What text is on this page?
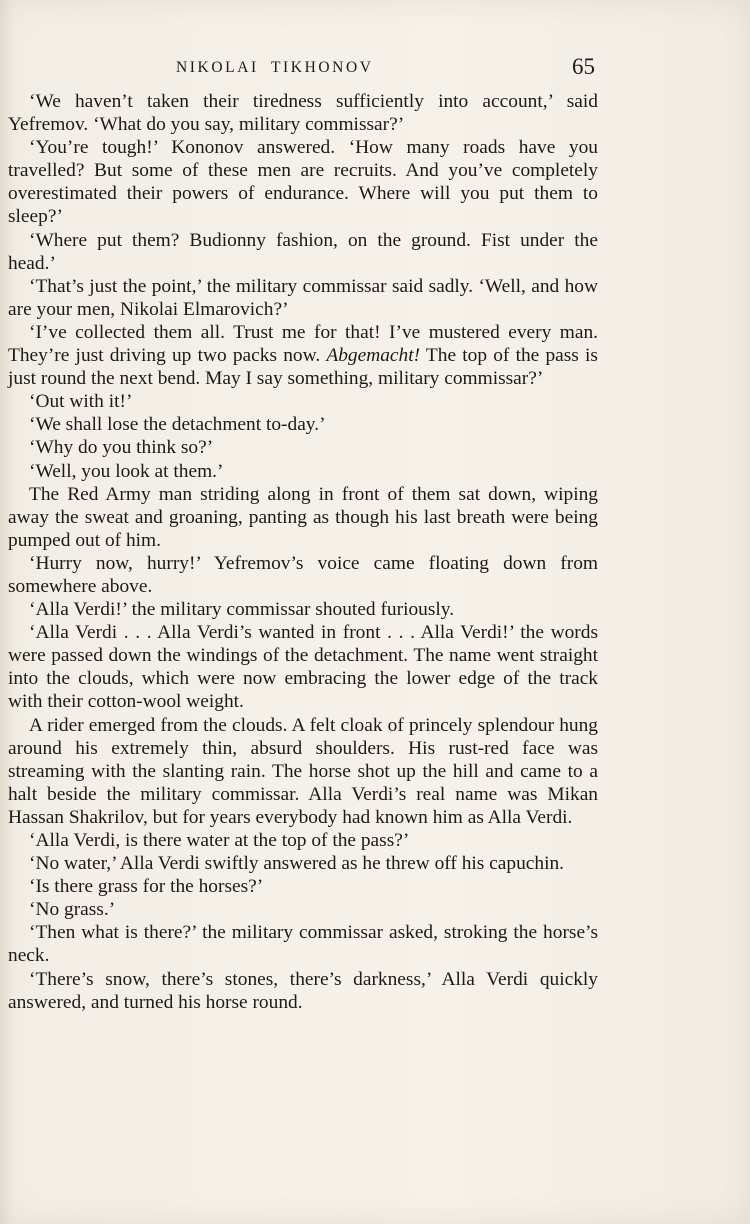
NIKOLAI TIKHONOV	65

‘We haven’t taken their tiredness sufficiently into account,’ said Yefremov. ‘What do you say, military commissar?’

‘You’re tough!’ Kononov answered. ‘How many roads have you travelled? But some of these men are recruits. And you’ve completely overestimated their powers of endurance. Where will you put them to sleep?’

‘Where put them? Budionny fashion, on the ground. Fist under the head.’

‘That’s just the point,’ the military commissar said sadly. ‘Well, and how are your men, Nikolai Elmarovich?’

‘I’ve collected them all. Trust me for that! I’ve mustered every man. They’re just driving up two packs now. Abgemacht! The top of the pass is just round the next bend. May I say something, military commissar?’

‘Out with it!’

‘We shall lose the detachment to-day.’

‘Why do you think so?’

‘Well, you look at them.’

The Red Army man striding along in front of them sat down, wiping away the sweat and groaning, panting as though his last breath were being pumped out of him.

‘Hurry now, hurry!’ Yefremov’s voice came floating down from somewhere above.

‘Alla Verdi!’ the military commissar shouted furiously.

‘Alla Verdi . . . Alla Verdi’s wanted in front . . . Alla Verdi!’ the words were passed down the windings of the detachment. The name went straight into the clouds, which were now embracing the lower edge of the track with their cotton-wool weight.

A rider emerged from the clouds. A felt cloak of princely splendour hung around his extremely thin, absurd shoulders. His rust-red face was streaming with the slanting rain. The horse shot up the hill and came to a halt beside the military commissar. Alla Verdi’s real name was Mikan Hassan Shakrilov, but for years everybody had known him as Alla Verdi.

‘Alla Verdi, is there water at the top of the pass?’

‘No water,’ Alla Verdi swiftly answered as he threw off his capuchin.

‘Is there grass for the horses?’

‘No grass.’

‘Then what is there?’ the military commissar asked, stroking the horse’s neck.

‘There’s snow, there’s stones, there’s darkness,’ Alla Verdi quickly answered, and turned his horse round.
